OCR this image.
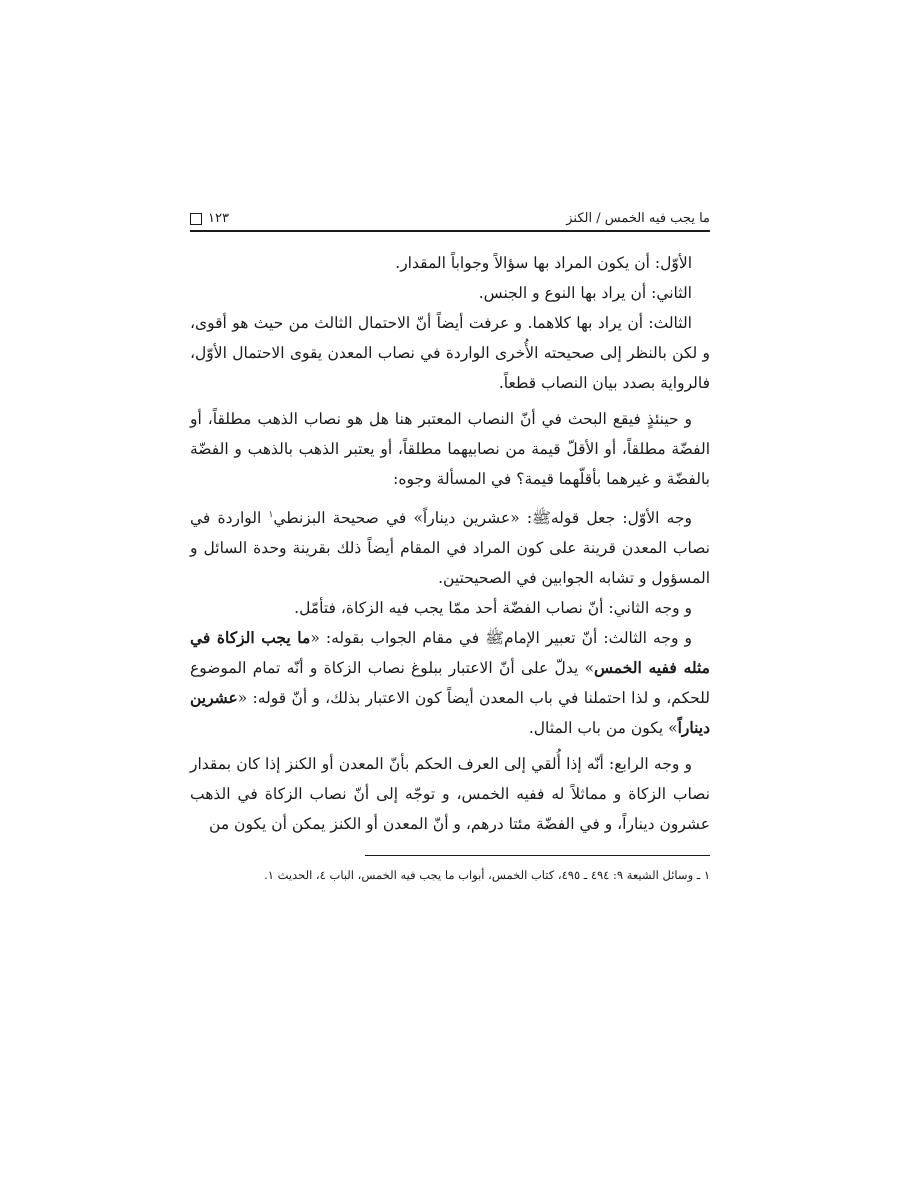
ما يجب فيه الخمس / الكنز
١٢٣

الأوّل: أن يكون المراد بها سؤالاً وجواباً المقدار.

الثاني: أن يراد بها النوع و الجنس.

الثالث: أن يراد بها كلاهما. و عرفت أيضاً أنّ الاحتمال الثالث من حيث هو أقوى، و لكن بالنظر إلى صحيحته الأُخرى الواردة في نصاب المعدن يقوى الاحتمال الأوّل، فالرواية بصدد بيان النصاب قطعاً.

و حينئذٍ فيقع البحث في أنّ النصاب المعتبر هنا هل هو نصاب الذهب مطلقاً، أو الفضّة مطلقاً، أو الأقلّ قيمة من نصابيهما مطلقاً، أو يعتبر الذهب بالذهب و الفضّة بالفضّة و غيرهما بأقلّهما قيمة؟ في المسألة وجوه:

وجه الأوّل: جعل قولهﷺ: «عشرين ديناراً» في صحيحة البزنطي$^١$ الواردة في نصاب المعدن قرينة على كون المراد في المقام أيضاً ذلك بقرينة وحدة السائل و المسؤول و تشابه الجوابين في الصحيحتين.

و وجه الثاني: أنّ نصاب الفضّة أحد ممّا يجب فيه الزكاة، فتأمّل.

و وجه الثالث: أنّ تعبير الإمامﷺ في مقام الجواب بقوله: «ما يجب الزكاة في مثله ففيه الخمس» يدلّ على أنّ الاعتبار ببلوغ نصاب الزكاة و أنّه تمام الموضوع للحكم، و لذا احتملنا في باب المعدن أيضاً كون الاعتبار بذلك، و أنّ قوله: «عشرين ديناراً» يكون من باب المثال.

و وجه الرابع: أنّه إذا أُلقي إلى العرف الحكم بأنّ المعدن أو الكنز إذا كان بمقدار نصاب الزكاة و مماثلاً له ففيه الخمس، و توجّه إلى أنّ نصاب الزكاة في الذهب عشرون ديناراً، و في الفضّة مئتا درهم، و أنّ المعدن أو الكنز يمكن أن يكون من

١ ـ وسائل الشيعة ٩: ٤٩٤ ـ ٤٩٥، كتاب الخمس، أبواب ما يجب فيه الخمس، الباب ٤، الحديث ١.
